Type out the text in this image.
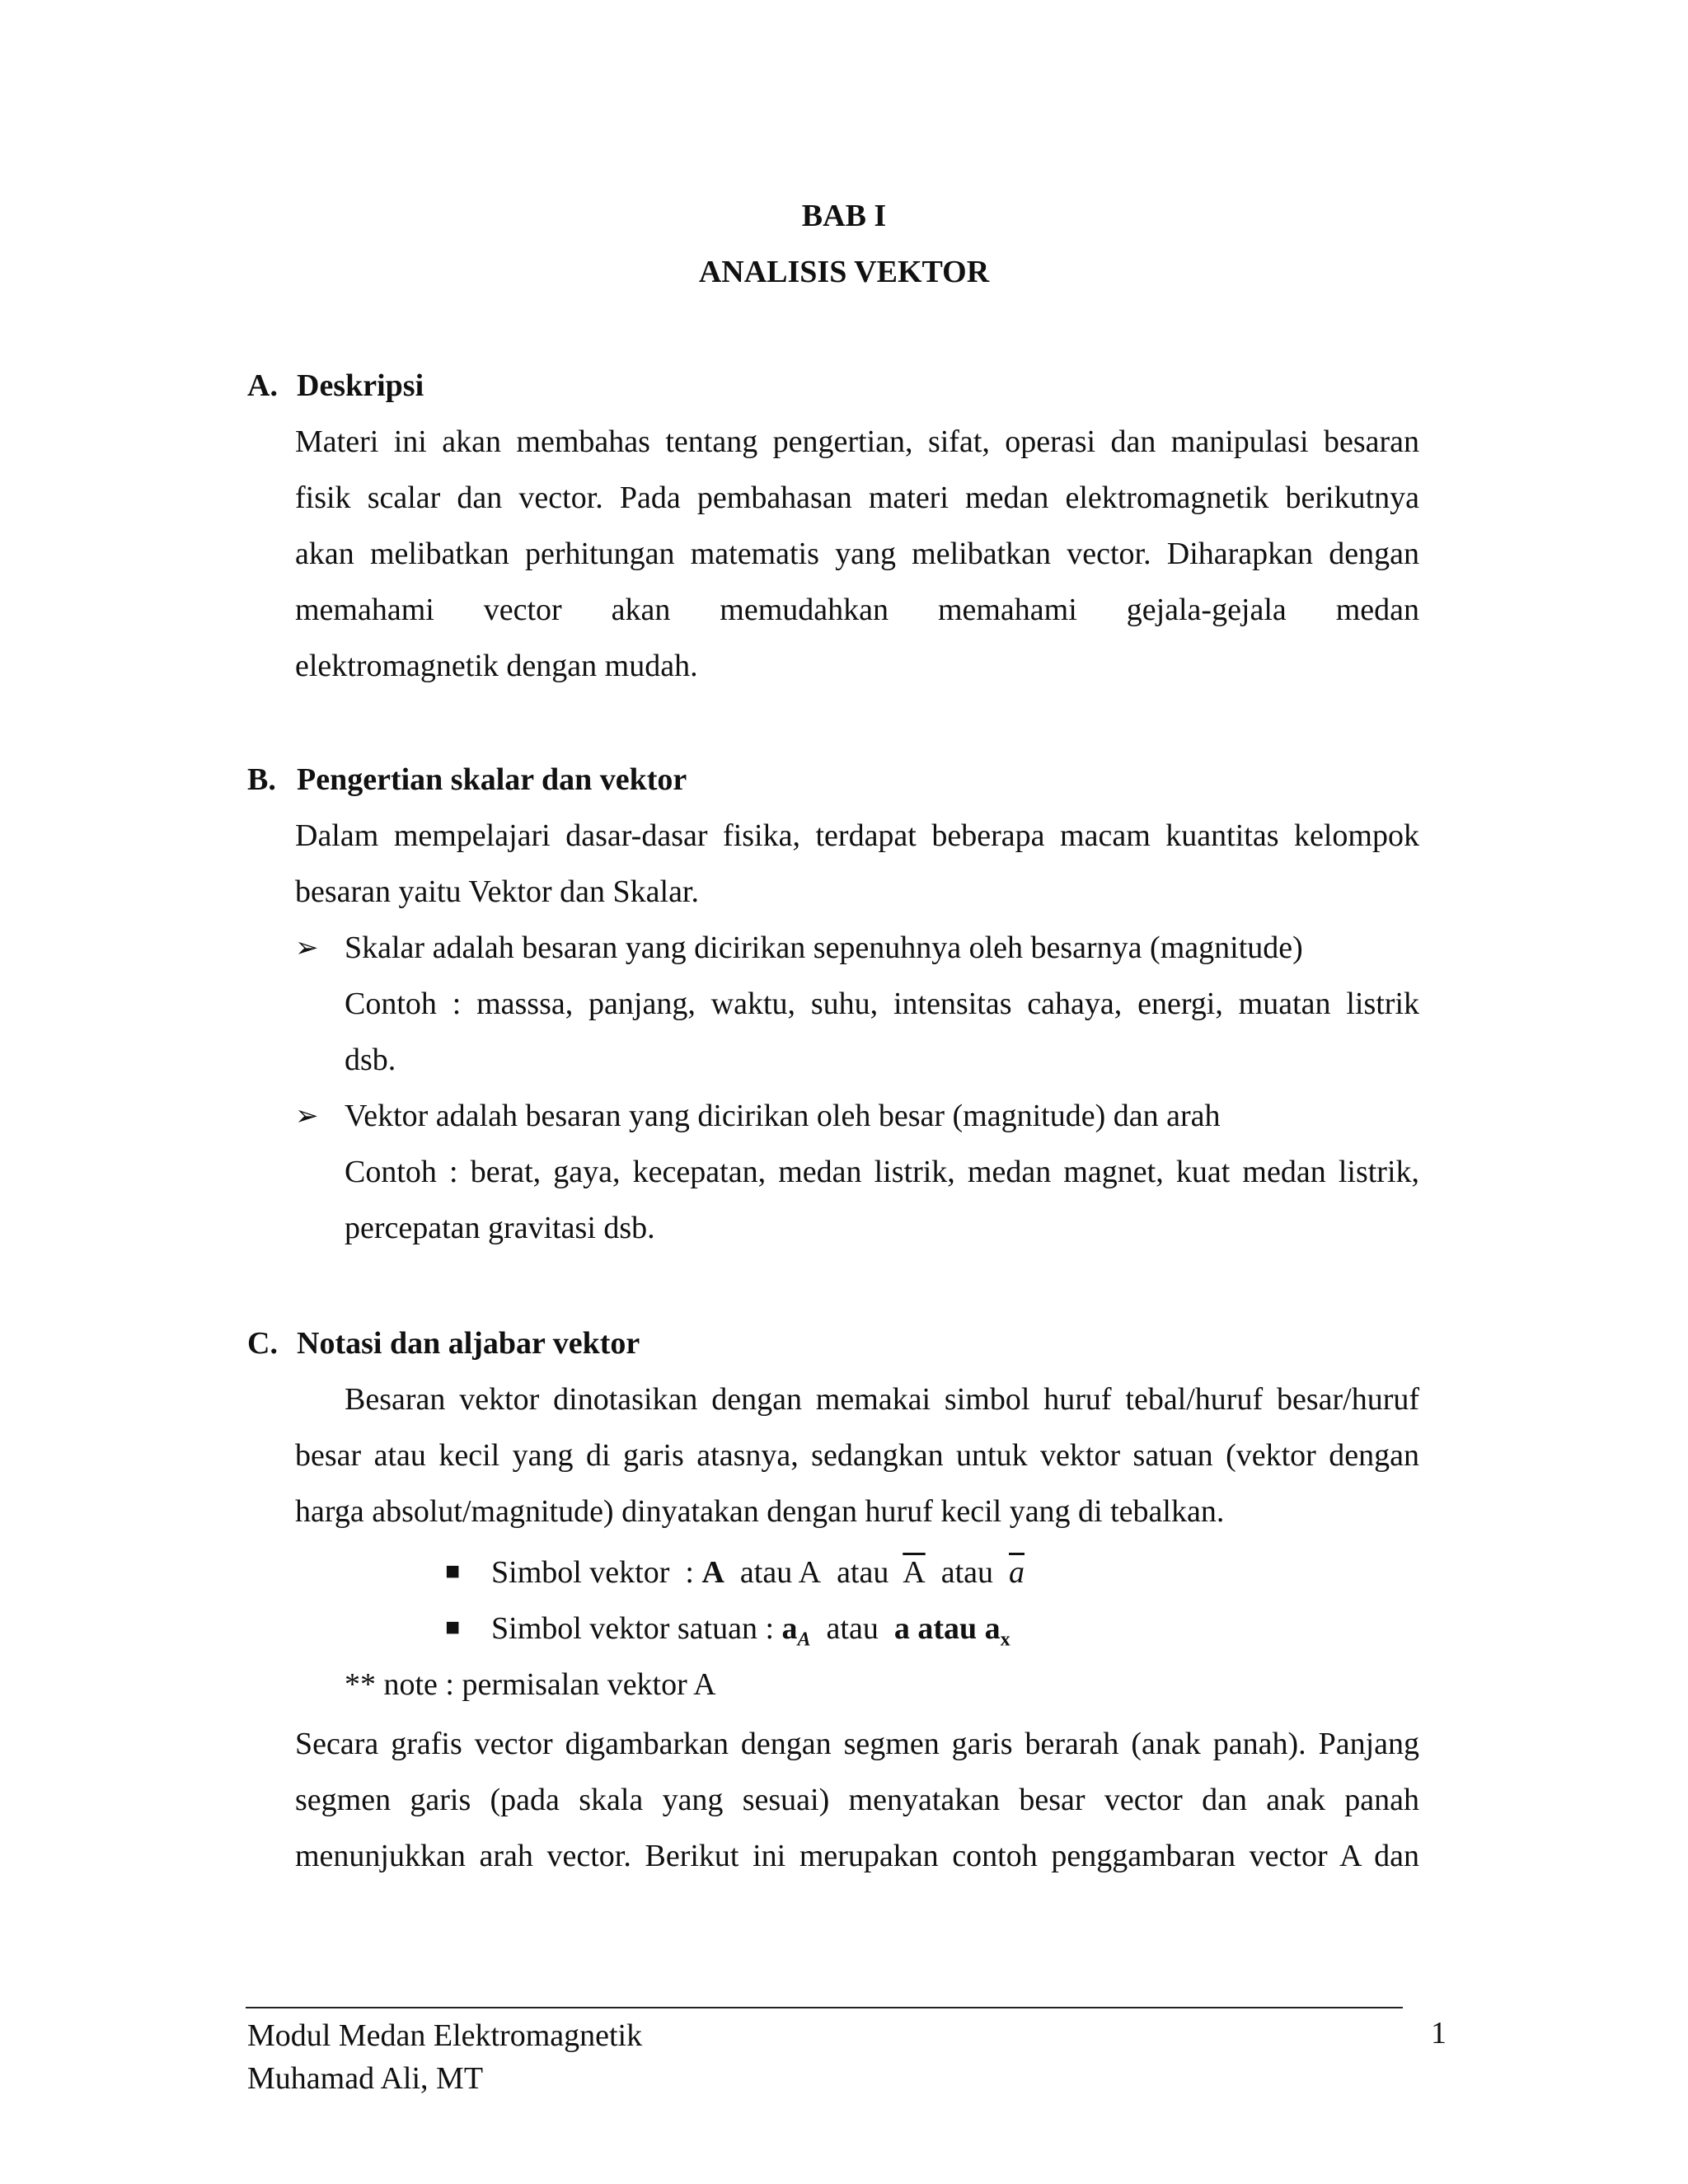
BAB I
ANALISIS VEKTOR
A. Deskripsi
Materi ini akan membahas tentang pengertian, sifat, operasi dan manipulasi besaran
fisik scalar dan vector. Pada pembahasan materi medan elektromagnetik berikutnya
akan melibatkan perhitungan matematis yang melibatkan vector. Diharapkan dengan
memahami vector akan memudahkan memahami gejala-gejala medan
elektromagnetik dengan mudah.
B. Pengertian skalar dan vektor
Dalam mempelajari dasar-dasar fisika, terdapat beberapa macam kuantitas kelompok
besaran yaitu Vektor dan Skalar.
➢ Skalar adalah besaran yang dicirikan sepenuhnya oleh besarnya (magnitude)
Contoh : masssa, panjang, waktu, suhu, intensitas cahaya, energi, muatan listrik
dsb.
➢ Vektor adalah besaran yang dicirikan oleh besar (magnitude) dan arah
Contoh : berat, gaya, kecepatan, medan listrik, medan magnet, kuat medan listrik,
percepatan gravitasi dsb.
C. Notasi dan aljabar vektor
Besaran vektor dinotasikan dengan memakai simbol huruf tebal/huruf besar/huruf
besar atau kecil yang di garis atasnya, sedangkan untuk vektor satuan (vektor dengan
harga absolut/magnitude) dinyatakan dengan huruf kecil yang di tebalkan.
■ Simbol vektor : A atau A atau $\overline{A}$ atau $\overline{a}$
■ Simbol vektor satuan : $a_A$ atau a atau $a_x$
** note : permisalan vektor A
Secara grafis vector digambarkan dengan segmen garis berarah (anak panah). Panjang
segmen garis (pada skala yang sesuai) menyatakan besar vector dan anak panah
menunjukkan arah vector. Berikut ini merupakan contoh penggambaran vector A dan
Modul Medan Elektromagnetik
Muhamad Ali, MT
1
